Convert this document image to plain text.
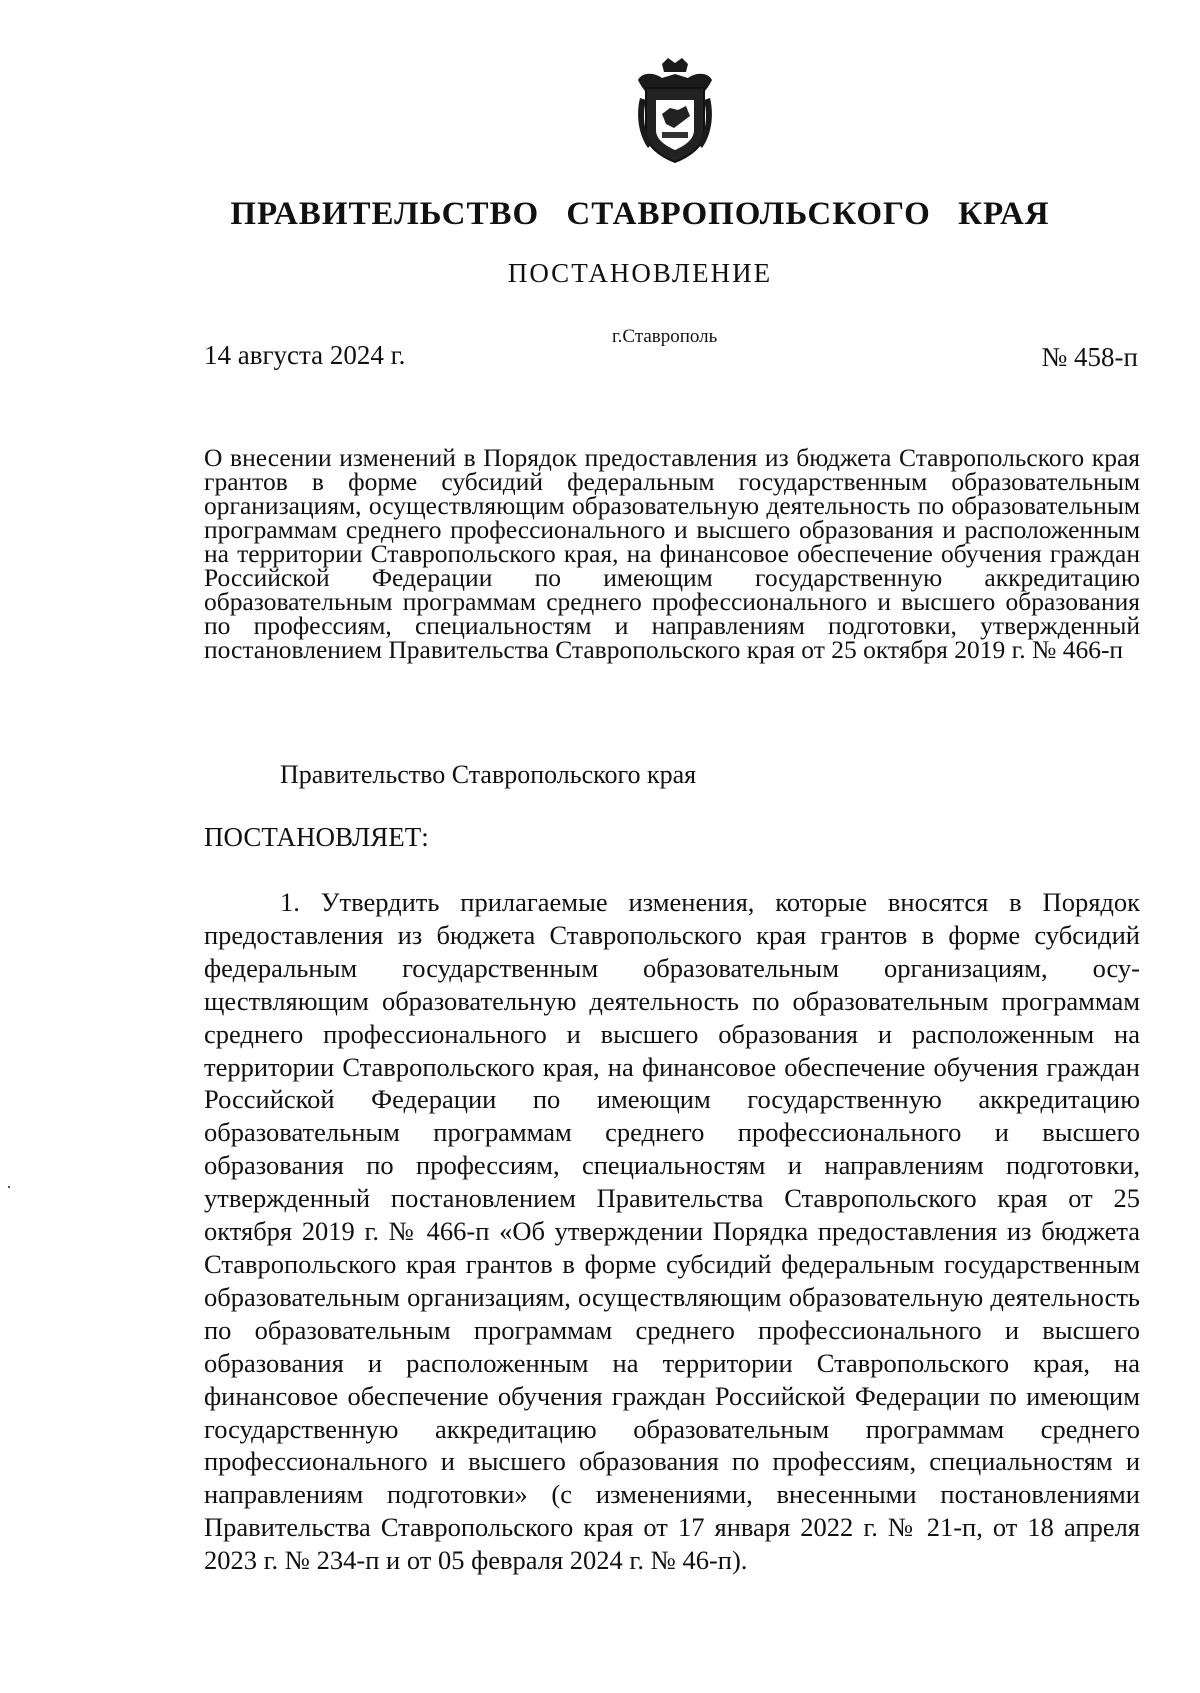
ПРАВИТЕЛЬСТВО СТАВРОПОЛЬСКОГО КРАЯ
ПОСТАНОВЛЕНИЕ
14 августа 2024 г.
г.Ставрополь
№ 458-п
О внесении изменений в Порядок предоставления из бюджета Ставропольского края грантов в форме субсидий федеральным государственным образовательным организациям, осуществляющим образовательную деятельность по образовательным программам среднего профессионального и высшего образования и расположенным на территории Ставропольского края, на финансовое обеспечение обучения граждан Российской Федерации по имеющим государственную аккредитацию образовательным программам среднего профессионального и высшего образования по профессиям, специальностям и направлениям подготовки, утвержденный постановлением Правительства Ставропольского края от 25 октября 2019 г. № 466-п
Правительство Ставропольского края
ПОСТАНОВЛЯЕТ:
1. Утвердить прилагаемые изменения, которые вносятся в Порядок предоставления из бюджета Ставропольского края грантов в форме субсидий федеральным государственным образовательным организациям, осуществляющим образовательную деятельность по образовательным программам среднего профессионального и высшего образования и расположенным на территории Ставропольского края, на финансовое обеспечение обучения граждан Российской Федерации по имеющим государственную аккредитацию образовательным программам среднего профессионального и высшего образования по профессиям, специальностям и направлениям подготовки, утвержденный постановлением Правительства Ставропольского края от 25 октября 2019 г. № 466-п «Об утверждении Порядка предоставления из бюджета Ставропольского края грантов в форме субсидий федеральным государственным образовательным организациям, осуществляющим образовательную деятельность по образовательным программам среднего профессионального и высшего образования и расположенным на территории Ставропольского края, на финансовое обеспечение обучения граждан Российской Федерации по имеющим государственную аккредитацию образовательным программам среднего профессионального и высшего образования по профессиям, специальностям и направлениям подготовки» (с изменениями, внесенными постановлениями Правительства Ставропольского края от 17 января 2022 г. № 21-п, от 18 апреля 2023 г. № 234-п и от 05 февраля 2024 г. № 46-п).
